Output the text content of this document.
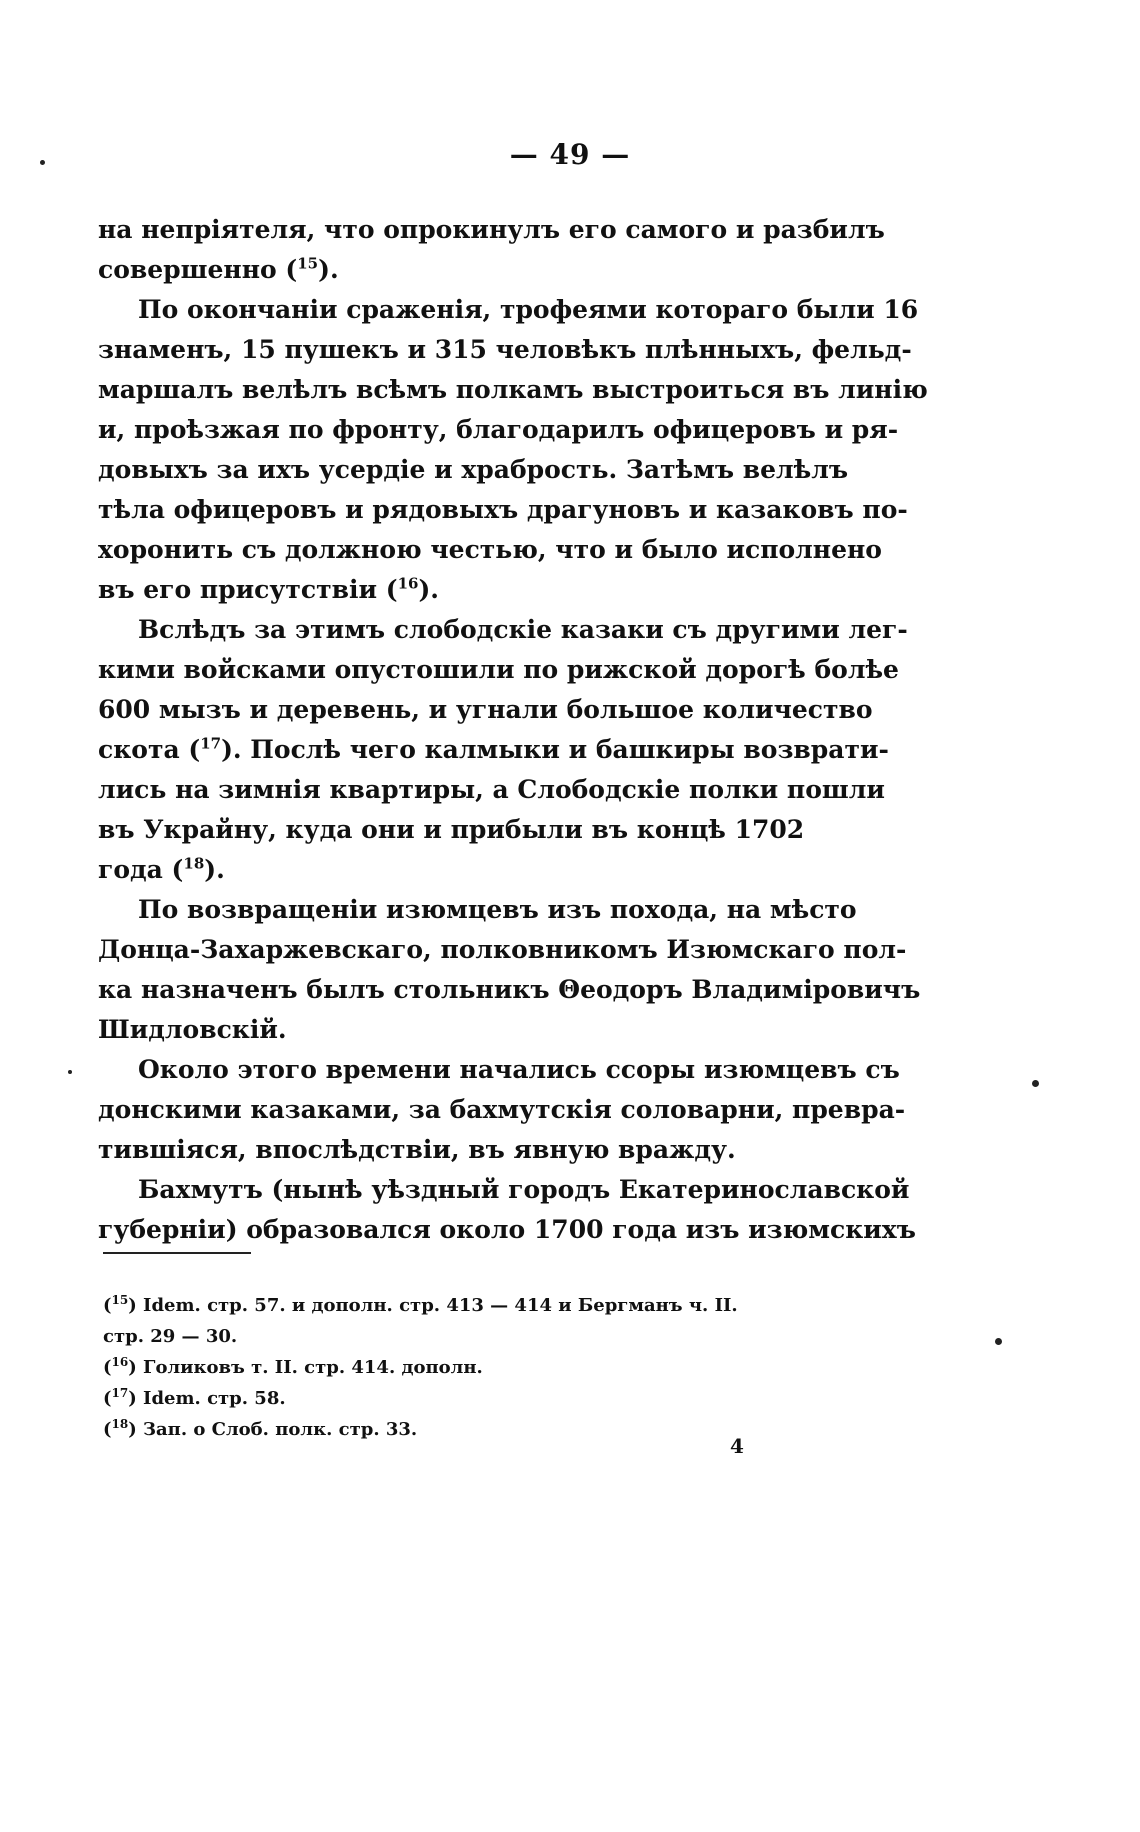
— 49 —

на непріятеля, что опрокинулъ его самого и разбилъ
совершенно ($^{15}$).

По окончаніи сраженія, трофеями котораго были 16
знаменъ, 15 пушекъ и 315 человѣкъ плѣнныхъ, фельд-
маршалъ велѣлъ всѣмъ полкамъ выстроиться въ линію
и, проѣзжая по фронту, благодарилъ офицеровъ и ря-
довыхъ за ихъ усердіе и храбрость. Затѣмъ велѣлъ
тѣла офицеровъ и рядовыхъ драгуновъ и казаковъ по-
хоронить съ должною честью, что и было исполнено
въ его присутствіи ($^{16}$).

Вслѣдъ за этимъ слободскіе казаки съ другими лег-
кими войсками опустошили по рижской дорогѣ болѣе
600 мызъ и деревень, и угнали большое количество
скота ($^{17}$). Послѣ чего калмыки и башкиры возврати-
лись на зимнія квартиры, а Слободскіе полки пошли
въ Украйну, куда они и прибыли въ концѣ 1702
года ($^{18}$).

По возвращеніи изюмцевъ изъ похода, на мѣсто
Донца-Захаржевскаго, полковникомъ Изюмскаго пол-
ка назначенъ былъ стольникъ Θеодоръ Владиміровичъ
Шидловскій.

Около этого времени начались ссоры изюмцевъ съ
донскими казаками, за бахмутскія соловарни, превра-
тившіяся, впослѣдствіи, въ явную вражду.

Бахмутъ (нынѣ уѣздный городъ Екатеринославской
губерніи) образовался около 1700 года изъ изюмскихъ

($^{15}$) Idem. стр. 57. и дополн. стр. 413 — 414 и Бергманъ ч. II.

стр. 29 — 30.

($^{16}$) Голиковъ т. II. стр. 414. дополн.

($^{17}$) Idem. стр. 58.

($^{18}$) Зап. о Слоб. полк. стр. 33.

4
